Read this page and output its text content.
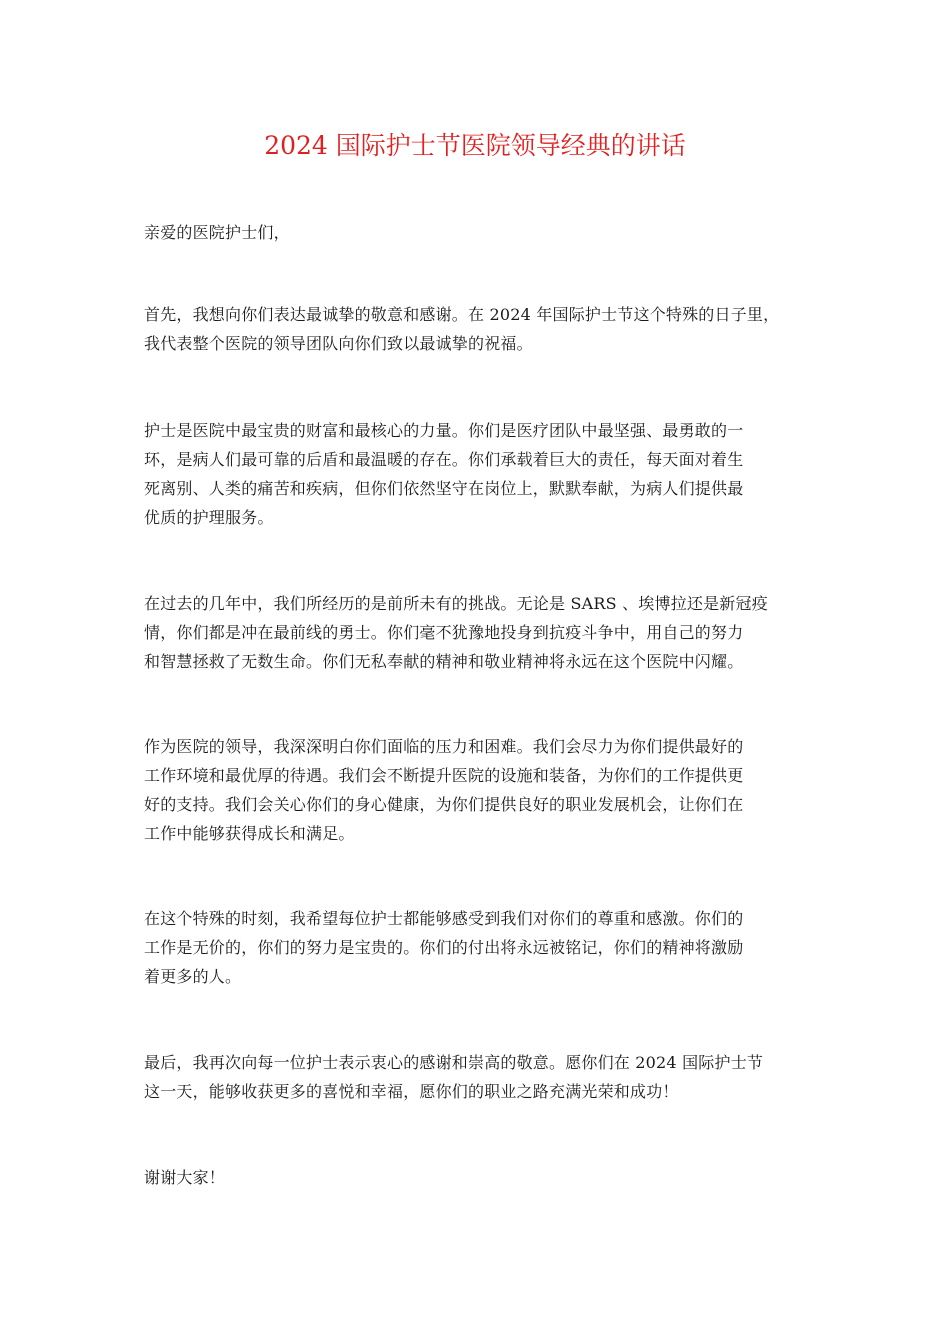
2024 国际护士节医院领导经典的讲话

亲爱的医院护士们，

首先，我想向你们表达最诚挚的敬意和感谢。在 2024 年国际护士节这个特殊的日子里，
我代表整个医院的领导团队向你们致以最诚挚的祝福。

护士是医院中最宝贵的财富和最核心的力量。你们是医疗团队中最坚强、最勇敢的一
环，是病人们最可靠的后盾和最温暖的存在。你们承载着巨大的责任，每天面对着生
死离别、人类的痛苦和疾病，但你们依然坚守在岗位上，默默奉献，为病人们提供最
优质的护理服务。

在过去的几年中，我们所经历的是前所未有的挑战。无论是 SARS 、埃博拉还是新冠疫
情，你们都是冲在最前线的勇士。你们毫不犹豫地投身到抗疫斗争中，用自己的努力
和智慧拯救了无数生命。你们无私奉献的精神和敬业精神将永远在这个医院中闪耀。

作为医院的领导，我深深明白你们面临的压力和困难。我们会尽力为你们提供最好的
工作环境和最优厚的待遇。我们会不断提升医院的设施和装备，为你们的工作提供更
好的支持。我们会关心你们的身心健康，为你们提供良好的职业发展机会，让你们在
工作中能够获得成长和满足。

在这个特殊的时刻，我希望每位护士都能够感受到我们对你们的尊重和感激。你们的
工作是无价的，你们的努力是宝贵的。你们的付出将永远被铭记，你们的精神将激励
着更多的人。

最后，我再次向每一位护士表示衷心的感谢和崇高的敬意。愿你们在 2024 国际护士节
这一天，能够收获更多的喜悦和幸福，愿你们的职业之路充满光荣和成功！

谢谢大家！
